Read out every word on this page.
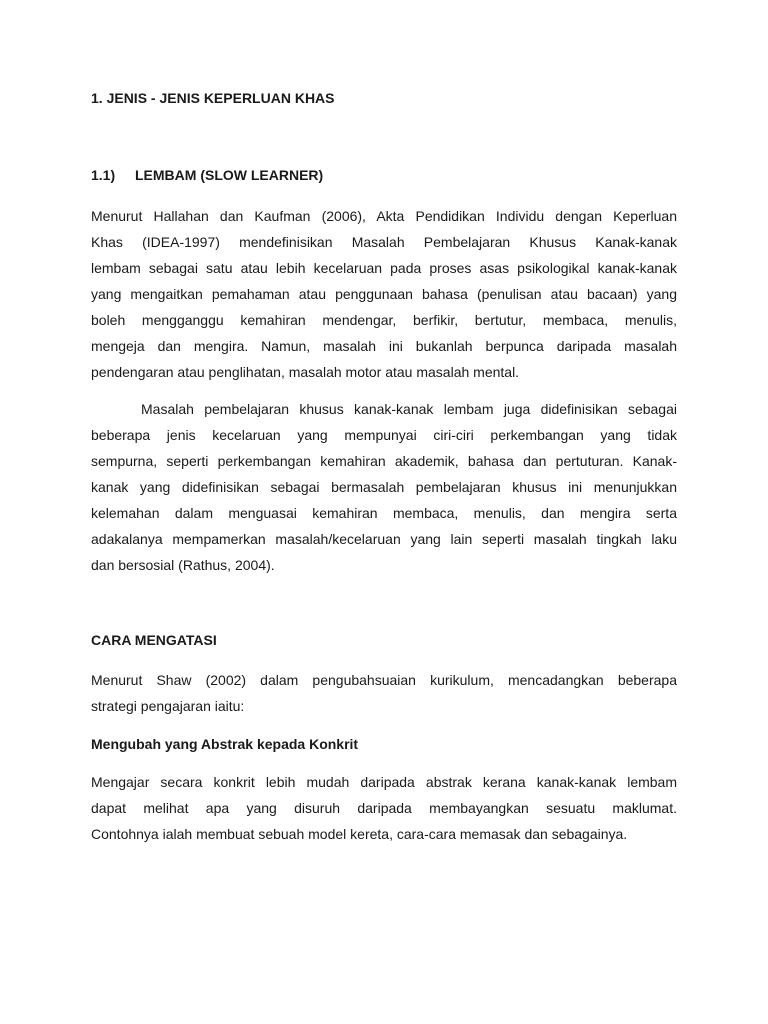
1. JENIS - JENIS KEPERLUAN KHAS
1.1) LEMBAM (SLOW LEARNER)
Menurut Hallahan dan Kaufman (2006), Akta Pendidikan Individu dengan Keperluan
Khas (IDEA-1997) mendefinisikan Masalah Pembelajaran Khusus Kanak-kanak
lembam sebagai satu atau lebih kecelaruan pada proses asas psikologikal kanak-kanak
yang mengaitkan pemahaman atau penggunaan bahasa (penulisan atau bacaan) yang
boleh mengganggu kemahiran mendengar, berfikir, bertutur, membaca, menulis,
mengeja dan mengira. Namun, masalah ini bukanlah berpunca daripada masalah
pendengaran atau penglihatan, masalah motor atau masalah mental.
Masalah pembelajaran khusus kanak-kanak lembam juga didefinisikan sebagai
beberapa jenis kecelaruan yang mempunyai ciri-ciri perkembangan yang tidak
sempurna, seperti perkembangan kemahiran akademik, bahasa dan pertuturan. Kanak-
kanak yang didefinisikan sebagai bermasalah pembelajaran khusus ini menunjukkan
kelemahan dalam menguasai kemahiran membaca, menulis, dan mengira serta
adakalanya mempamerkan masalah/kecelaruan yang lain seperti masalah tingkah laku
dan bersosial (Rathus, 2004).
CARA MENGATASI
Menurut Shaw (2002) dalam pengubahsuaian kurikulum, mencadangkan beberapa
strategi pengajaran iaitu:
Mengubah yang Abstrak kepada Konkrit
Mengajar secara konkrit lebih mudah daripada abstrak kerana kanak-kanak lembam
dapat melihat apa yang disuruh daripada membayangkan sesuatu maklumat.
Contohnya ialah membuat sebuah model kereta, cara-cara memasak dan sebagainya.
